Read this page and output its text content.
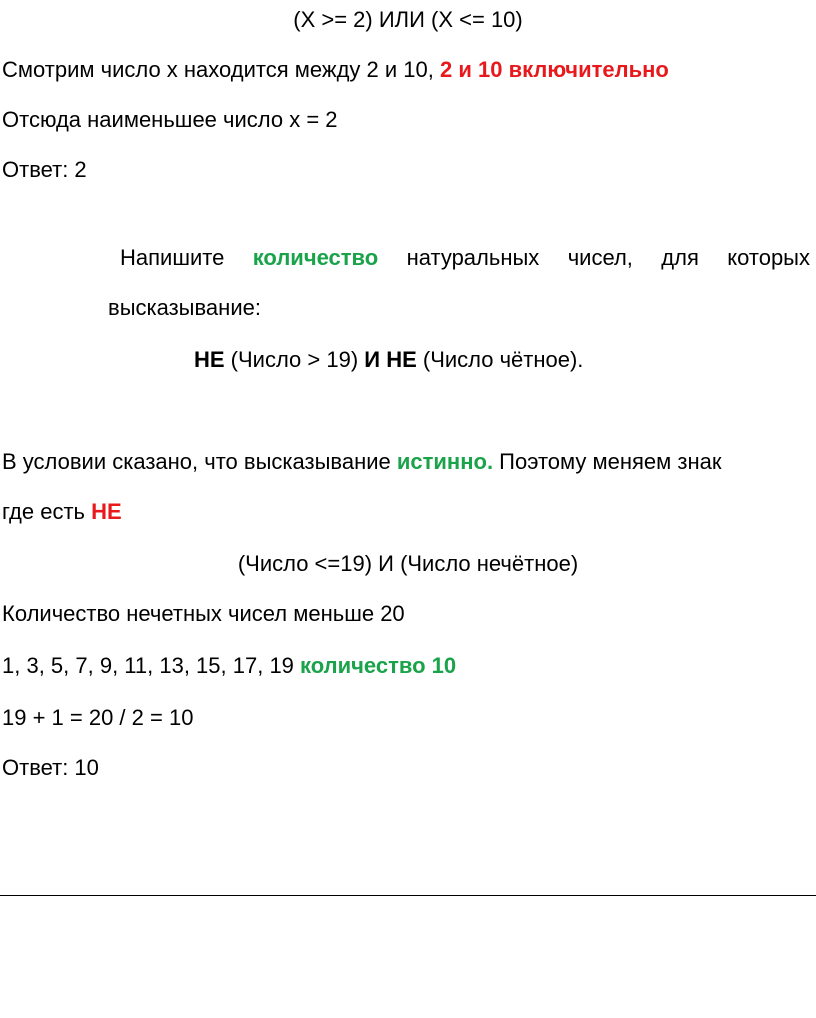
(X >= 2) ИЛИ (X <= 10)
Смотрим число х находится между 2 и 10, 2 и 10 включительно
Отсюда наименьшее число х = 2
Ответ: 2
Напишите количество натуральных чисел, для которых
высказывание:
НЕ (Число > 19) И НЕ (Число чётное).
В условии сказано, что высказывание истинно. Поэтому меняем знак
где есть НЕ
(Число <=19) И (Число нечётное)
Количество нечетных чисел меньше 20
1, 3, 5, 7, 9, 11, 13, 15, 17, 19 количество 10
19 + 1 = 20 / 2 = 10
Ответ: 10
